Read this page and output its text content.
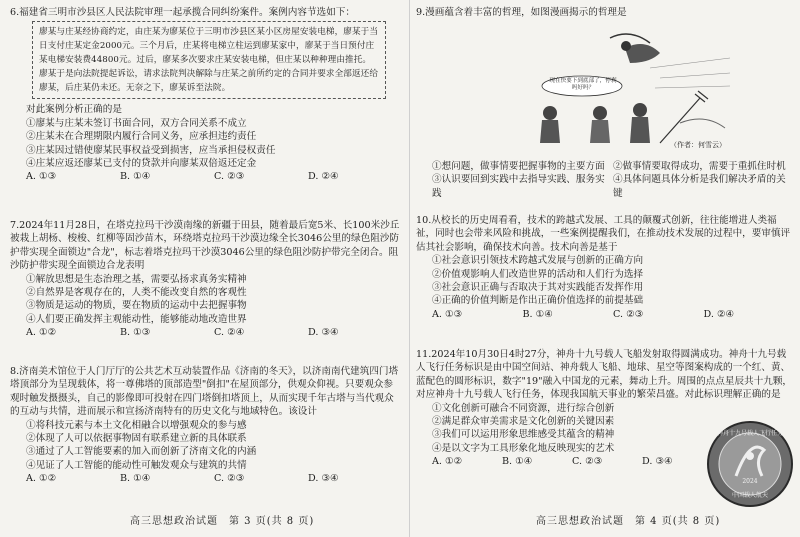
6.福建省三明市沙县区人民法院审理一起承揽合同纠纷案件。案例内容节选如下：
廖某与庄某经协商约定，由庄某为廖某位于三明市沙县区某小区房屋安装电梯，廖某于当日支付庄某定金2000元。三个月后，庄某将电梯立柱运到廖某家中，廖某于当日预付庄某电梯安装费44800元。过后，廖某多次要求庄某安装电梯，但庄某以种种理由推托。廖某于是向法院提起诉讼，请求法院判决解除与庄某之前所约定的合同并要求全部返还给廖某，后庄某仍未还。无奈之下，廖某诉至法院。
对此案例分析正确的是
①廖某与庄某未签订书面合同，双方合同关系不成立
②庄某未在合理期限内履行合同义务，应承担违约责任
③庄某因过错使廖某民事权益受到损害，应当承担侵权责任
④庄某应返还廖某已支付的贷款并向廖某双倍返还定金
A. ①③	B. ①④	C. ②③	D. ②④
7.2024年11月28日，在塔克拉玛干沙漠南缘的新疆于田县，随着最后宽5米、长100米沙丘被栽上胡杨、梭梭、红柳等固沙苗木，环绕塔克拉玛干沙漠边缘全长3046公里的绿色阻沙防护带实现全面锁边"合龙"，标志着塔克拉玛干沙漠3046公里的绿色阻沙防护带完全闭合。阻沙防护带实现全面锁边合龙表明
①解放思想是生态治理之基，需要弘扬求真务实精神
②自然界是客观存在的，人类不能改变自然的客观性
③物质是运动的物质，要在物质的运动中去把握事物
④人们要正确发挥主观能动性，能够能动地改造世界
A. ①②	B. ①③	C. ②④	D. ③④
8.济南美术馆位于人门厅厅的公共艺术互动装置作品《济南的冬天》，以济南南代建筑四门塔塔顶部分为呈现载体，将一尊佛塔的顶部造型"倒扣"在屋顶部分，供观众仰视。只要观众参观时触发摄摄头，自己的影像即可投射在四门塔倒扣塔顶上，从而实现千年古塔与当代观众的互动与共情，进而展示和宣扬济南特有的历史文化与地域特色。该设计
①将科技元素与本土文化相融合以增强观众的参与感
②体现了人可以依据事物固有联系建立新的具体联系
③通过了人工智能要素的加入而创新了济南文化的内涵
④见证了人工智能的能动性可触发观众与建筑的共情
A. ①②	B. ①④	C. ②③	D. ③④
高三思想政治试题　第 3 页(共 8 页)
9.漫画蕴含着丰富的哲理，如图漫画揭示的哲理是
①想问题，做事情要把握事物的主要方面 ②做事情要取得成功，需要于重抓住时机
③认识要回到实践中去指导实践、服务实践
④具体问题具体分析是我们解决矛盾的关键
10.从校长的历史周看看，技术的跨越式发展、工具的颠覆式创新，往往能增进人类福祉，同时也会带来风险和挑战，一些案例提醒我们，在推动技术发展的过程中，要审慎评估其社会影响，确保技术向善。技术向善是基于
①社会意识引领技术跨越式发展与创新的正确方向
②价值观影响人们改造世界的活动和人们行为选择
③社会意识正确与否取决于其对实践能否发挥作用
④正确的价值判断是作出正确价值选择的前提基础
A. ①③	B. ①④	C. ②③	D. ②④
11.2024年10月30日4时27分，神舟十九号载人飞船发射取得圆满成功。神舟十九号载人飞行任务标识是由中国空间站、神舟载人飞船、地球、星空等图案构成的一个红、黄、蓝配色的圆形标识，数字"19"融入中国龙的元素，舞动上升。周围的点点星辰共十九颗，对应神舟十九号载人飞行任务，体现我国航天事业的繁荣昌盛。对此标识理解正确的是
①文化创新可融合不同资源，进行综合创新
②满足群众审美需求是文化创新的关键因素
③我们可以运用形象思维感受其蕴含的精神
④是以文字为工具形象化地反映现实的艺术
A. ①②	B. ①④	C. ②③	D. ③④
现在快要下到底部了，停刹吗好吗？
（作者：何雪云）
神舟十九号载人飞行任务
2024
中国载人航天
高三思想政治试题　第 4 页(共 8 页)
